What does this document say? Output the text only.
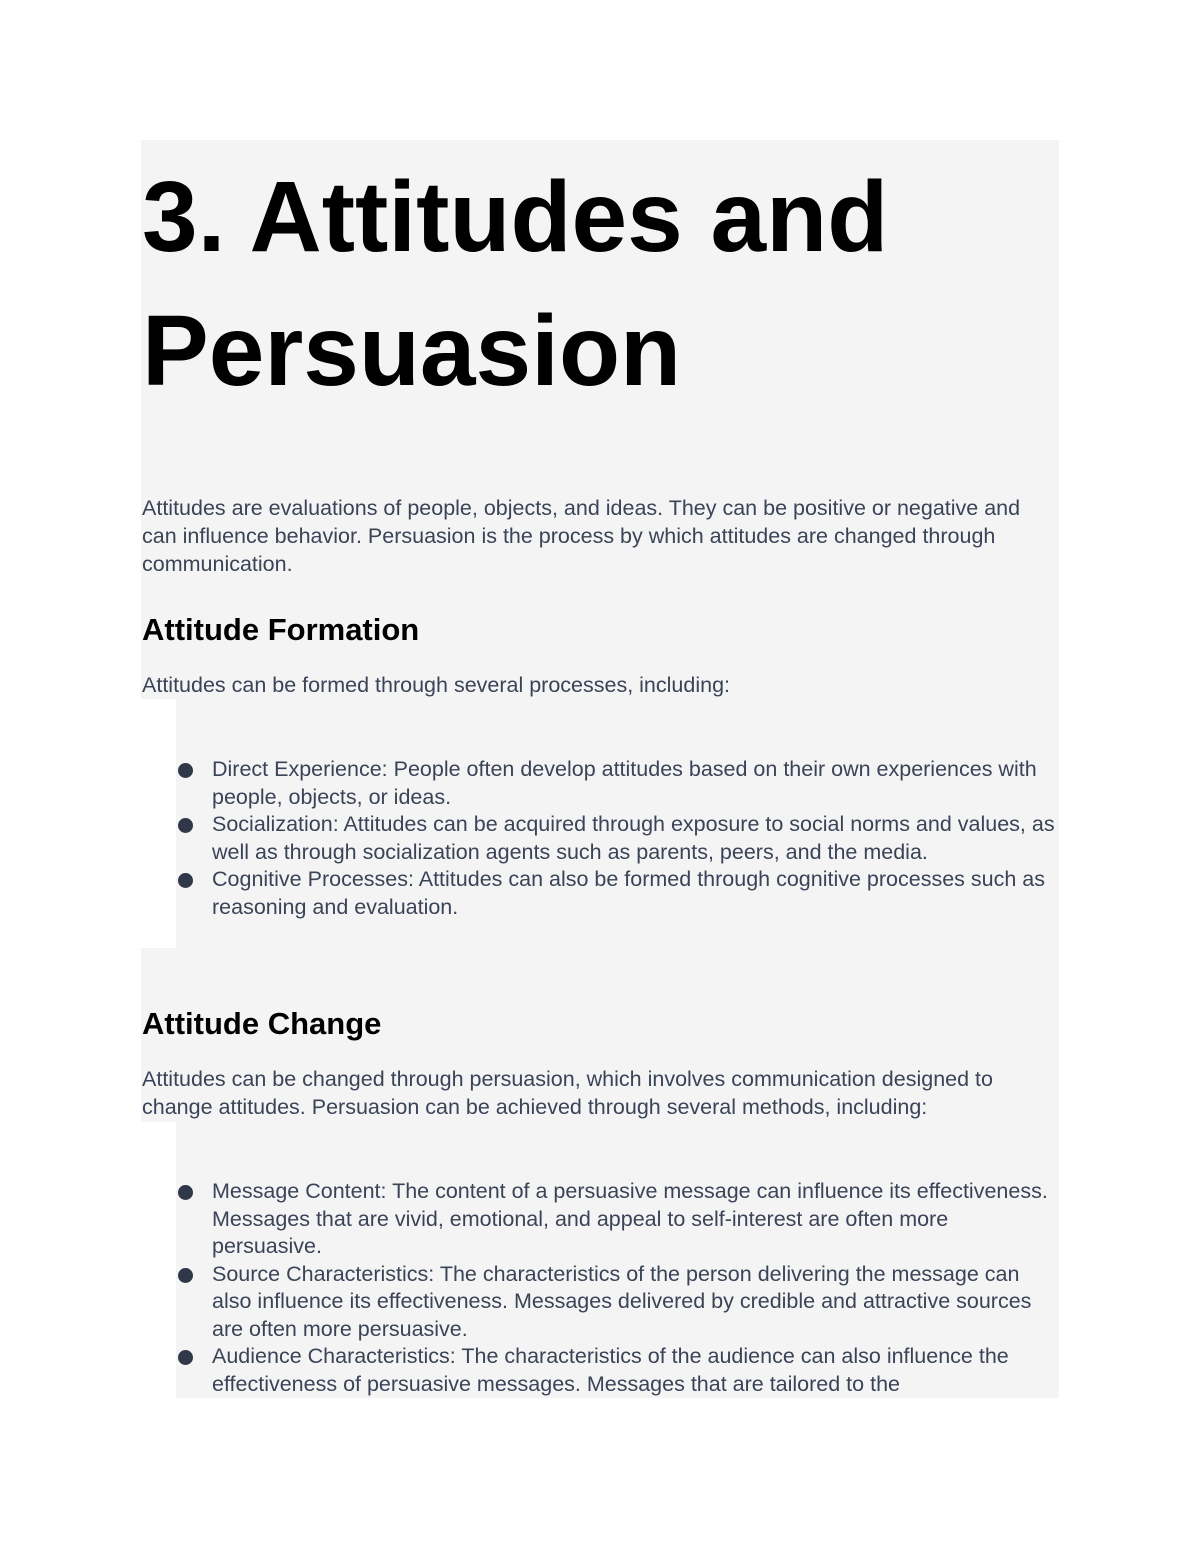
3. Attitudes and Persuasion

Attitudes are evaluations of people, objects, and ideas. They can be positive or negative and can influence behavior. Persuasion is the process by which attitudes are changed through communication.

Attitude Formation

Attitudes can be formed through several processes, including:

Direct Experience: People often develop attitudes based on their own experiences with people, objects, or ideas.
Socialization: Attitudes can be acquired through exposure to social norms and values, as well as through socialization agents such as parents, peers, and the media.
Cognitive Processes: Attitudes can also be formed through cognitive processes such as reasoning and evaluation.
Attitude Change

Attitudes can be changed through persuasion, which involves communication designed to change attitudes. Persuasion can be achieved through several methods, including:

Message Content: The content of a persuasive message can influence its effectiveness. Messages that are vivid, emotional, and appeal to self-interest are often more persuasive.
Source Characteristics: The characteristics of the person delivering the message can also influence its effectiveness. Messages delivered by credible and attractive sources are often more persuasive.
Audience Characteristics: The characteristics of the audience can also influence the effectiveness of persuasive messages. Messages that are tailored to the
